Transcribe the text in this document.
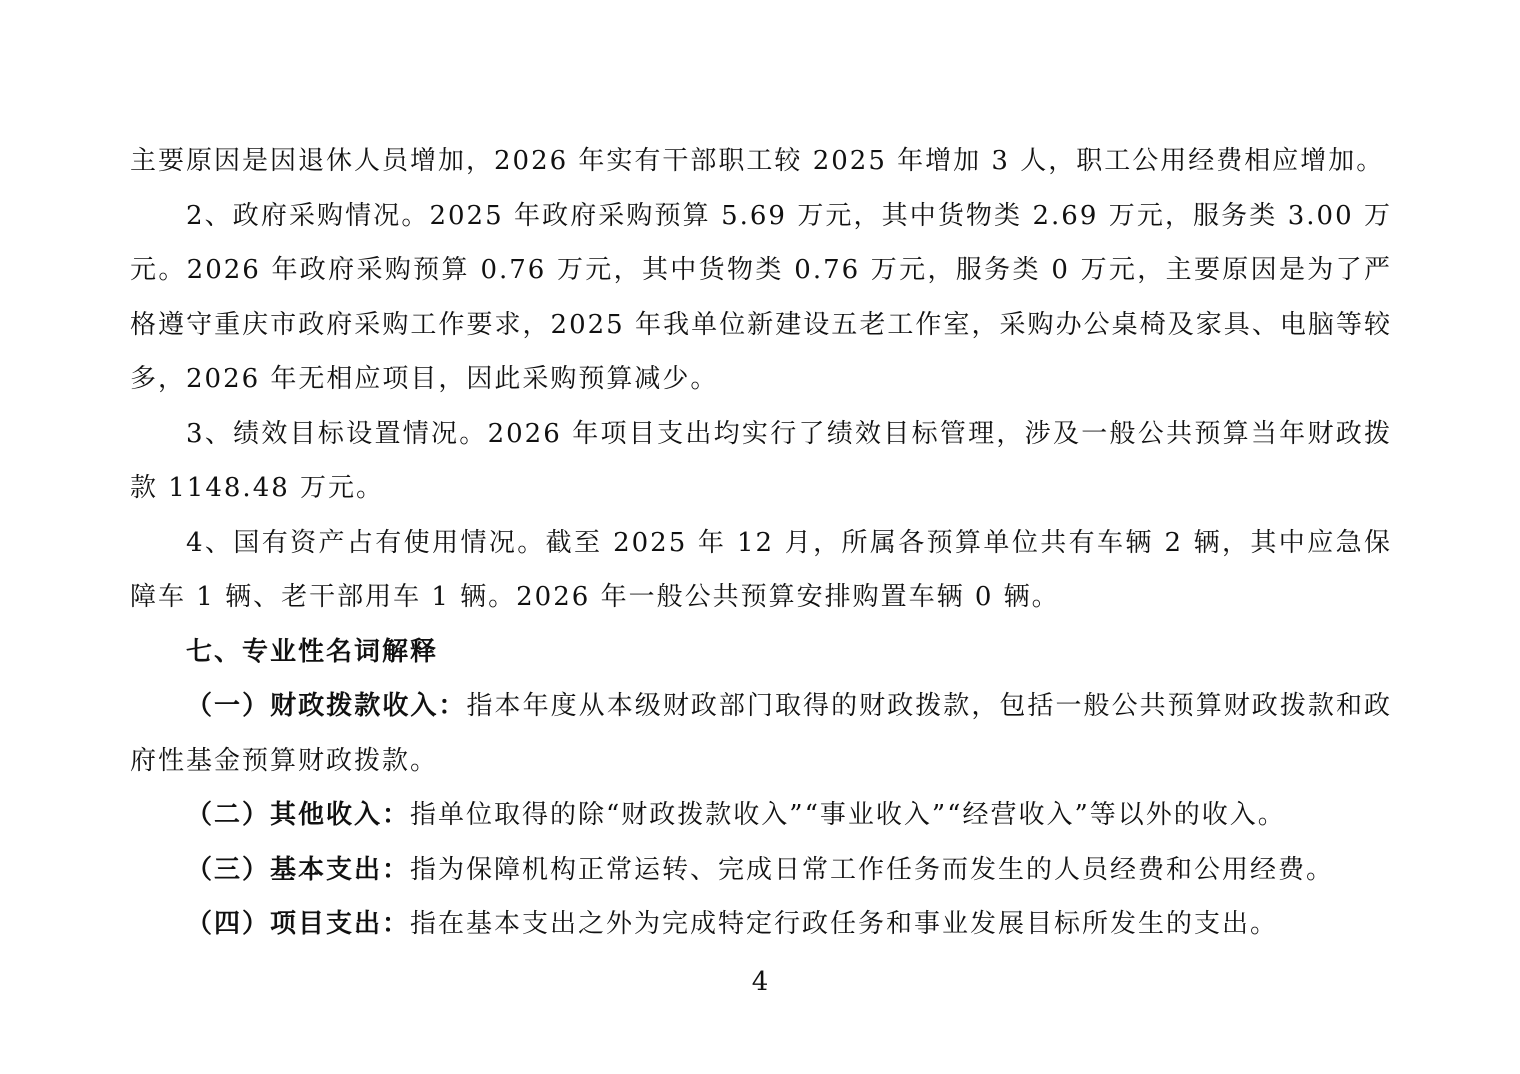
主要原因是因退休人员增加，2026 年实有干部职工较 2025 年增加 3 人，职工公用经费相应增加。

2、政府采购情况。2025 年政府采购预算 5.69 万元，其中货物类 2.69 万元，服务类 3.00 万元。2026 年政府采购预算 0.76 万元，其中货物类 0.76 万元，服务类 0 万元，主要原因是为了严格遵守重庆市政府采购工作要求，2025 年我单位新建设五老工作室，采购办公桌椅及家具、电脑等较多，2026 年无相应项目，因此采购预算减少。

3、绩效目标设置情况。2026 年项目支出均实行了绩效目标管理，涉及一般公共预算当年财政拨款 1148.48 万元。

4、国有资产占有使用情况。截至 2025 年 12 月，所属各预算单位共有车辆 2 辆，其中应急保障车 1 辆、老干部用车 1 辆。2026 年一般公共预算安排购置车辆 0 辆。

七、专业性名词解释

（一）财政拨款收入：指本年度从本级财政部门取得的财政拨款，包括一般公共预算财政拨款和政府性基金预算财政拨款。

（二）其他收入：指单位取得的除“财政拨款收入”“事业收入”“经营收入”等以外的收入。

（三）基本支出：指为保障机构正常运转、完成日常工作任务而发生的人员经费和公用经费。

（四）项目支出：指在基本支出之外为完成特定行政任务和事业发展目标所发生的支出。

4
